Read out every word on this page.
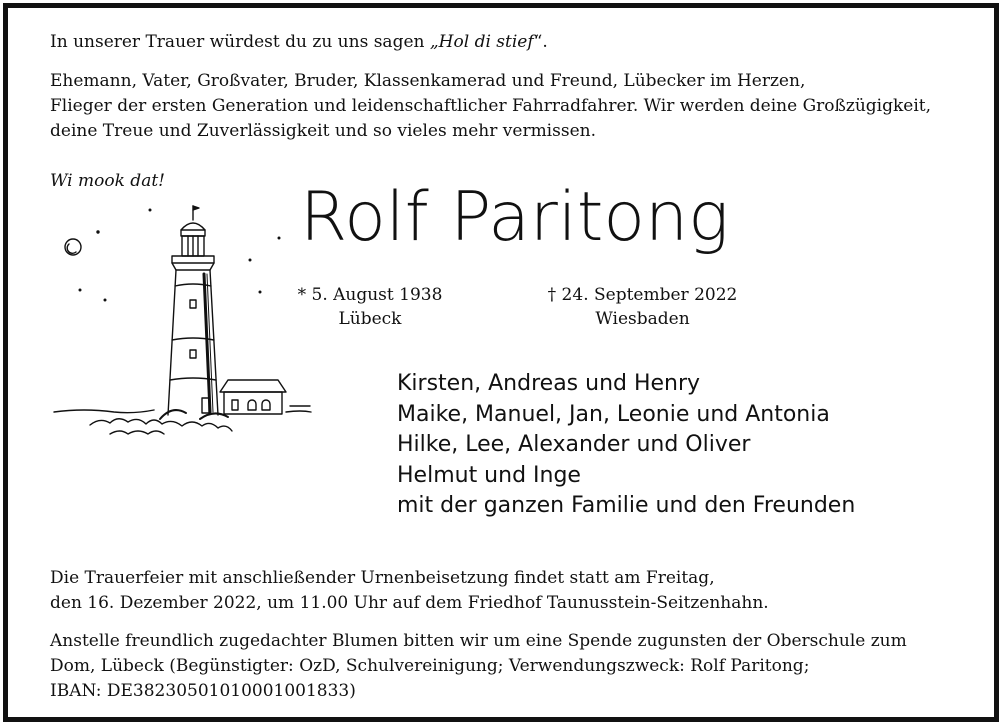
In unserer Trauer würdest du zu uns sagen „Hol di stief“.
Ehemann, Vater, Großvater, Bruder, Klassenkamerad und Freund, Lübecker im Herzen,
Flieger der ersten Generation und leidenschaftlicher Fahrradfahrer. Wir werden deine Großzügigkeit,
deine Treue und Zuverlässigkeit und so vieles mehr vermissen.
Wi mook dat! Rolf Paritong
* 5. August 1938
Lübeck
† 24. September 2022
Wiesbaden
Kirsten, Andreas und Henry
Maike, Manuel, Jan, Leonie und Antonia
Hilke, Lee, Alexander und Oliver
Helmut und Inge
mit der ganzen Familie und den Freunden
Die Trauerfeier mit anschließender Urnenbeisetzung findet statt am Freitag,
den 16. Dezember 2022, um 11.00 Uhr auf dem Friedhof Taunusstein-Seitzenhahn.
Anstelle freundlich zugedachter Blumen bitten wir um eine Spende zugunsten der Oberschule zum
Dom, Lübeck (Begünstigter: OzD, Schulvereinigung; Verwendungszweck: Rolf Paritong;
IBAN: DE38230501010001001833)
